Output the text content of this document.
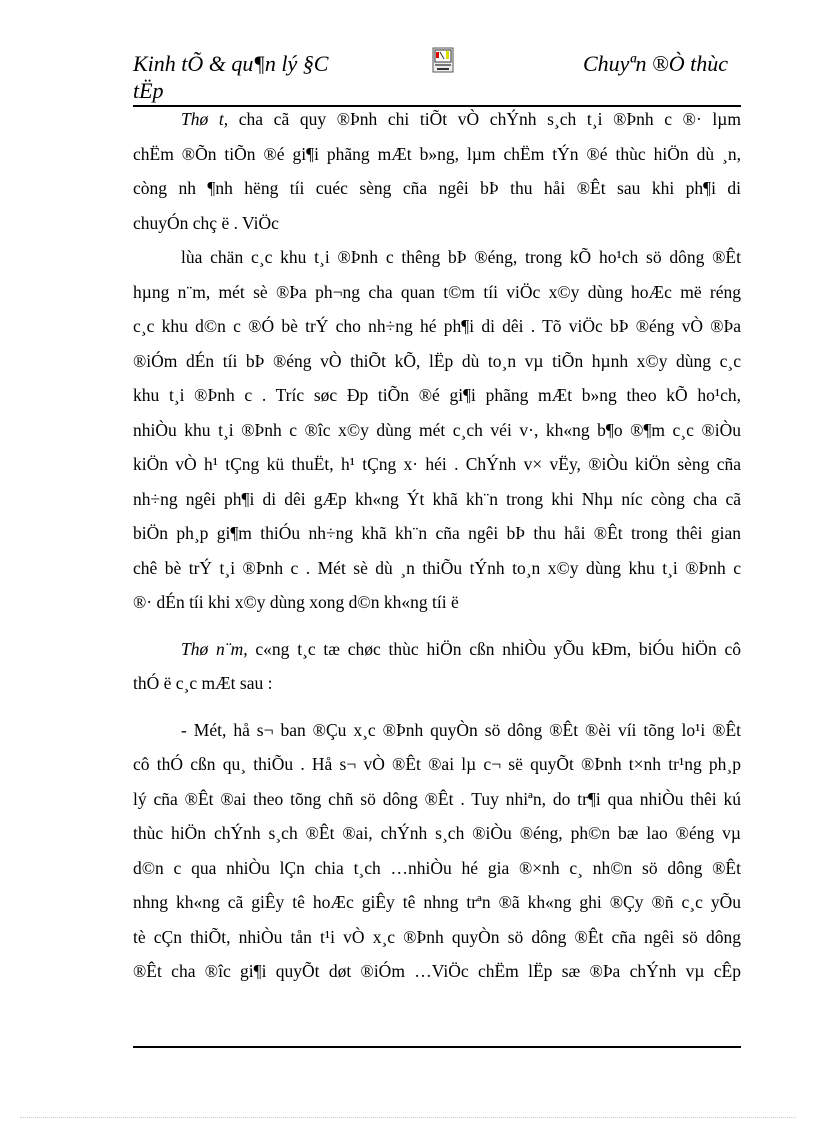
Kinh tÕ & qu¶n lý §C
tËp
Chuyªn ®Ò thùc
Thø t, cha cã quy ®Þnh chi tiÕt vÒ chÝnh s¸ch t¸i ®Þnh c ®· lµm
chËm ®Õn tiÕn ®é gi¶i phãng mÆt b»ng, lµm chËm tÝn ®é thùc hiÖn dù ¸n,
còng nh ¶nh hëng tíi cuéc sèng cña ngêi bÞ thu håi ®Êt sau khi ph¶i di
chuyÓn chç ë . ViÖc
lùa chän c¸c khu t¸i ®Þnh c thêng bÞ ®éng, trong kÕ ho¹ch sö dông ®Êt
hµng n¨m, mét sè ®Þa ph¬ng cha quan t©m tíi viÖc x©y dùng hoÆc më réng
c¸c khu d©n c ®Ó bè trÝ cho nh÷ng hé ph¶i di dêi . Tõ viÖc bÞ ®éng vÒ ®Þa
®iÓm dÉn tíi bÞ ®éng vÒ thiÕt kÕ, lËp dù to¸n vµ tiÕn hµnh x©y dùng c¸c
khu t¸i ®Þnh c . Tríc søc Ðp tiÕn ®é gi¶i phãng mÆt b»ng theo kÕ ho¹ch,
nhiÒu khu t¸i ®Þnh c ®îc x©y dùng mét c¸ch véi v·, kh«ng b¶o ®¶m c¸c ®iÒu
kiÖn vÒ h¹ tÇng kü thuËt, h¹ tÇng x· héi . ChÝnh v× vËy, ®iÒu kiÖn sèng cña
nh÷ng ngêi ph¶i di dêi gÆp kh«ng Ýt khã kh¨n trong khi Nhµ níc còng cha cã
biÖn ph¸p gi¶m thiÓu nh÷ng khã kh¨n cña ngêi bÞ thu håi ®Êt trong thêi gian
chê bè trÝ t¸i ®Þnh c . Mét sè dù ¸n thiÕu tÝnh to¸n x©y dùng khu t¸i ®Þnh c
®· dÉn tíi khi x©y dùng xong d©n kh«ng tíi ë
Thø n¨m, c«ng t¸c tæ chøc thùc hiÖn cßn nhiÒu yÕu kÐm, biÓu hiÖn cô
thÓ ë c¸c mÆt sau :
- Mét, hå s¬ ban ®Çu x¸c ®Þnh quyÒn sö dông ®Êt ®èi víi tõng lo¹i ®Êt
cô thÓ cßn qu¸ thiÕu . Hå s¬ vÒ ®Êt ®ai lµ c¬ së quyÕt ®Þnh t×nh tr¹ng ph¸p
lý cña ®Êt ®ai theo tõng chñ sö dông ®Êt . Tuy nhiªn, do tr¶i qua nhiÒu thêi kú
thùc hiÖn chÝnh s¸ch ®Êt ®ai, chÝnh s¸ch ®iÒu ®éng, ph©n bæ lao ®éng vµ
d©n c qua nhiÒu lÇn chia t¸ch …nhiÒu hé gia ®×nh c¸ nh©n sö dông ®Êt
nhng kh«ng cã giÊy tê hoÆc giÊy tê nhng trªn ®ã kh«ng ghi ®Çy ®ñ c¸c yÕu
tè cÇn thiÕt, nhiÒu tån t¹i vÒ x¸c ®Þnh quyÒn sö dông ®Êt cña ngêi sö dông
®Êt cha ®îc gi¶i quyÕt døt ®iÓm …ViÖc chËm lËp sæ ®Þa chÝnh vµ cÊp
